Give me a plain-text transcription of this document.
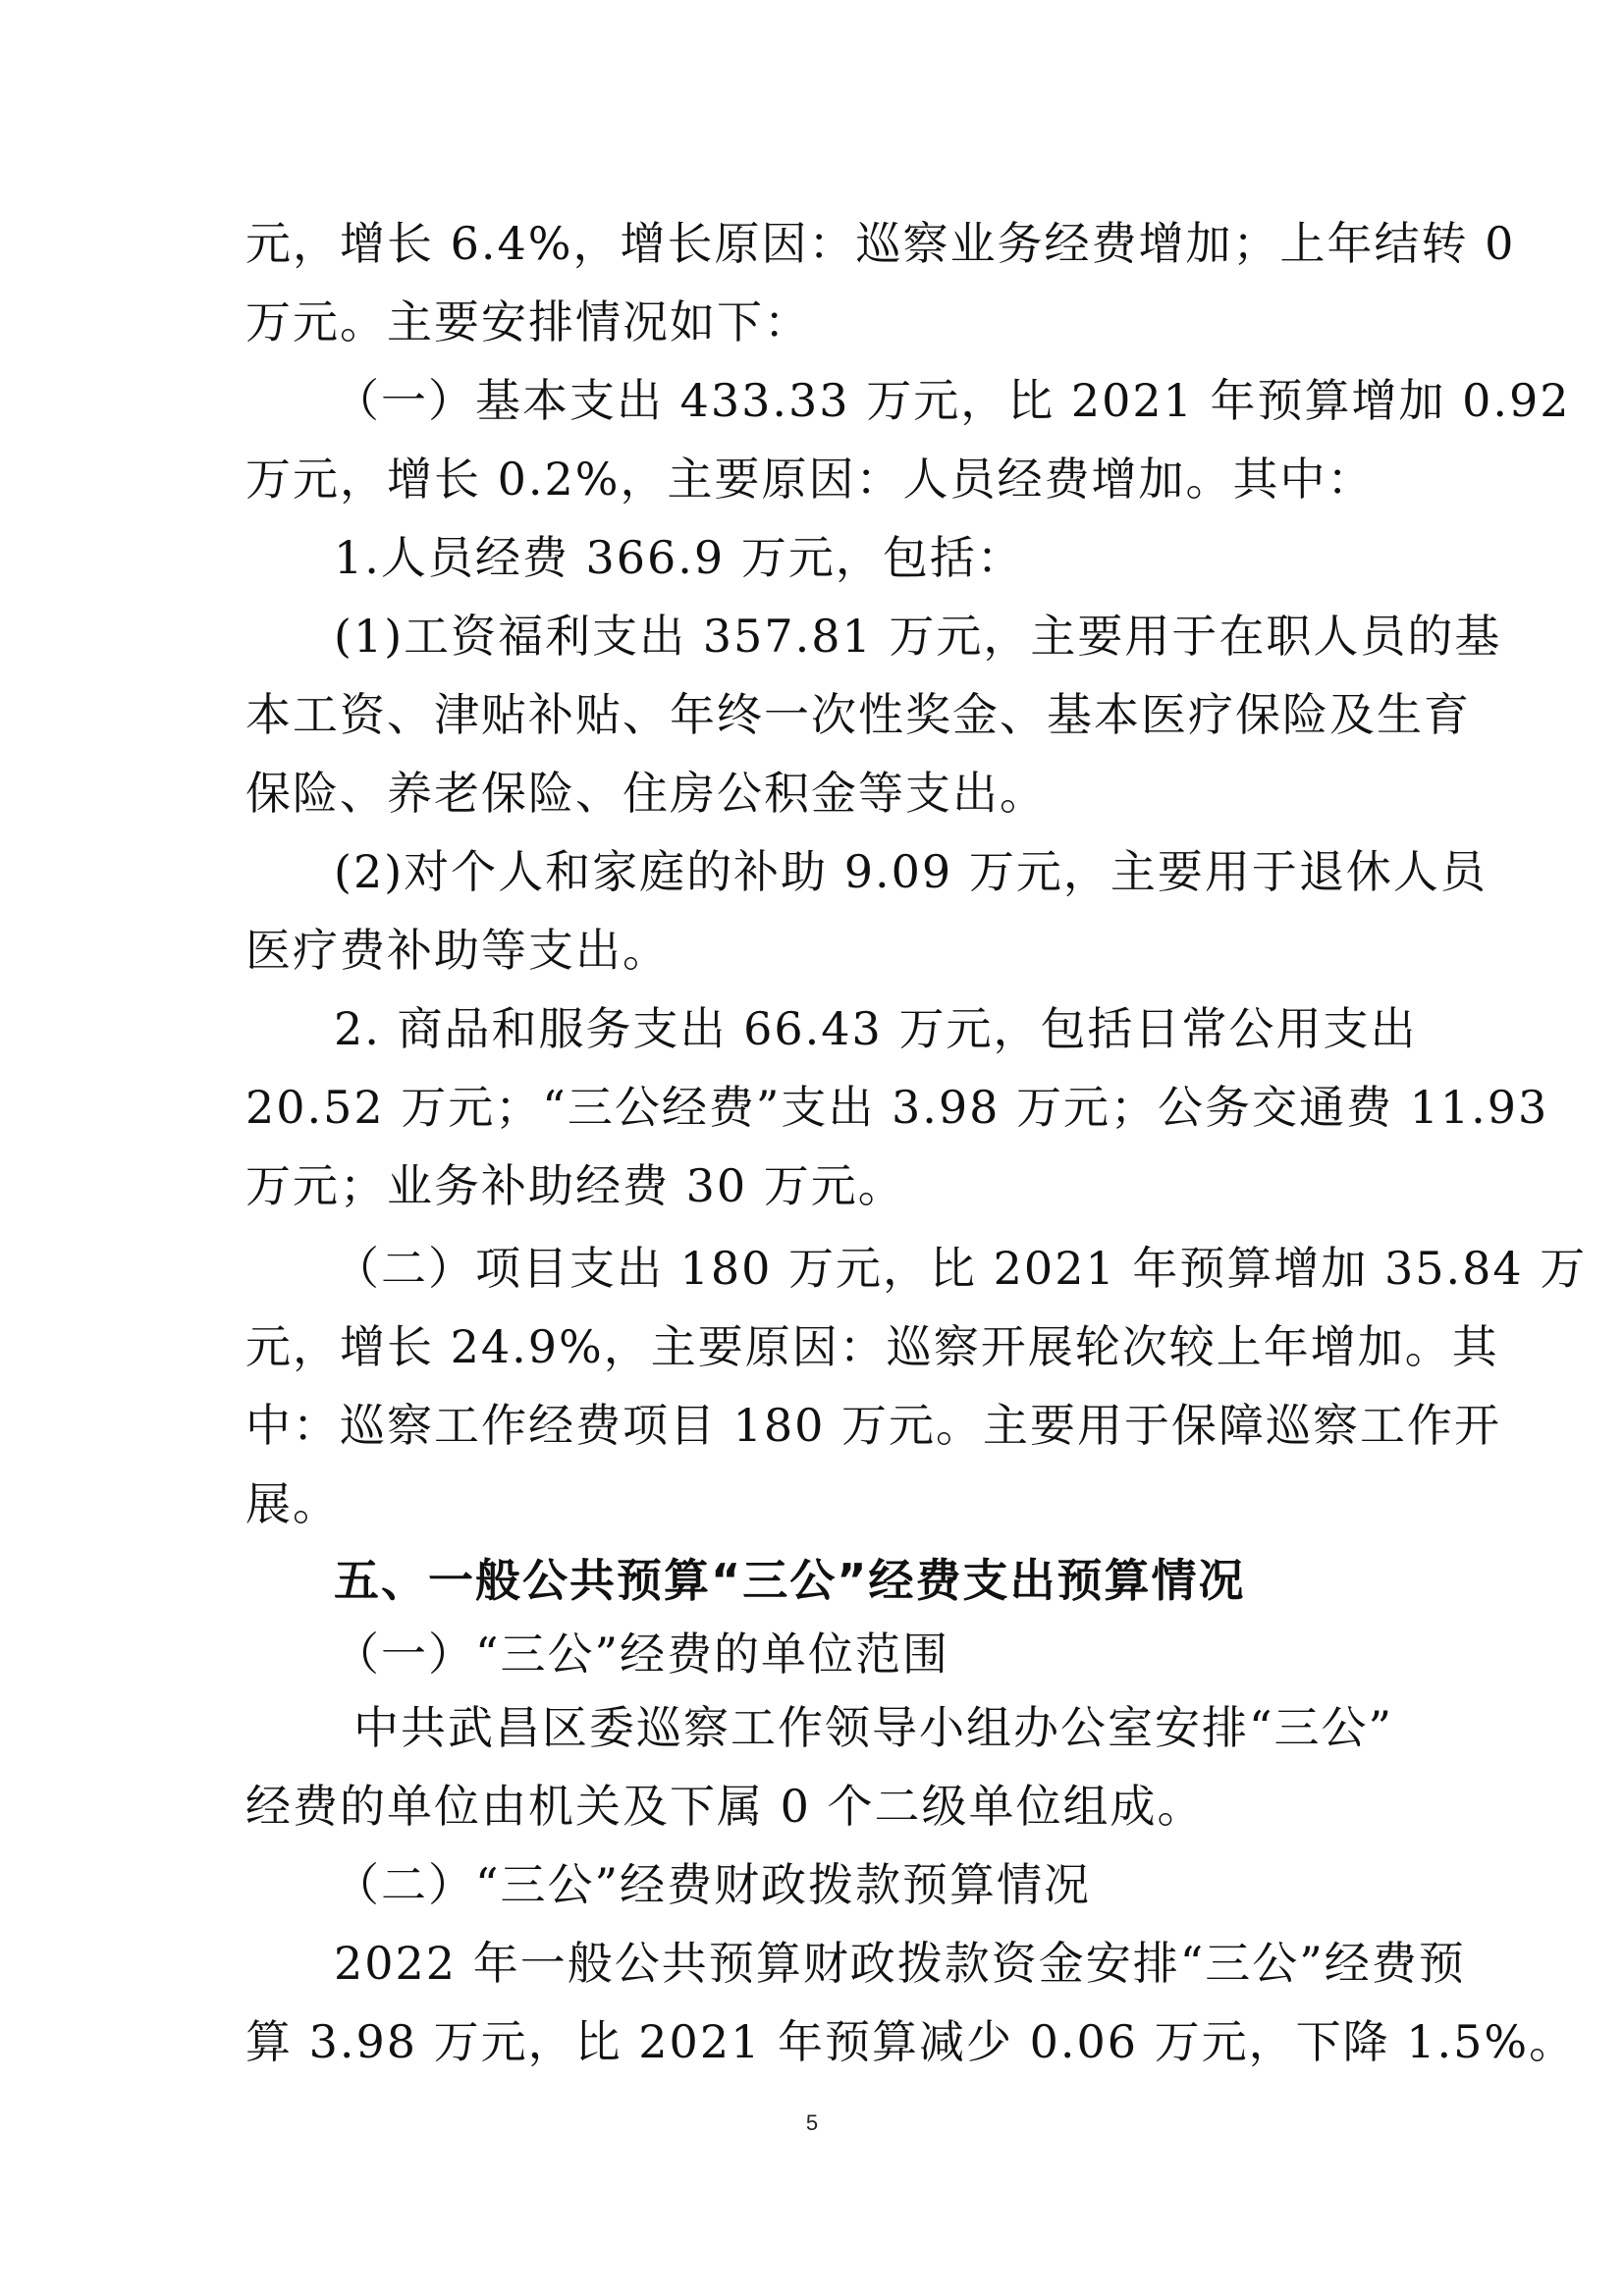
元，增长 6.4%，增长原因：巡察业务经费增加；上年结转 0
万元。主要安排情况如下：
（一）基本支出 433.33 万元，比 2021 年预算增加 0.92
万元，增长 0.2%，主要原因：人员经费增加。其中：
1.人员经费 366.9 万元，包括：
(1)工资福利支出 357.81 万元，主要用于在职人员的基
本工资、津贴补贴、年终一次性奖金、基本医疗保险及生育
保险、养老保险、住房公积金等支出。
(2)对个人和家庭的补助 9.09 万元，主要用于退休人员
医疗费补助等支出。
2. 商品和服务支出 66.43 万元，包括日常公用支出
20.52 万元；“三公经费”支出 3.98 万元；公务交通费 11.93
万元；业务补助经费 30 万元。
（二）项目支出 180 万元，比 2021 年预算增加 35.84 万
元，增长 24.9%，主要原因：巡察开展轮次较上年增加。其
中：巡察工作经费项目 180 万元。主要用于保障巡察工作开
展。
五、一般公共预算“三公”经费支出预算情况
（一）“三公”经费的单位范围
中共武昌区委巡察工作领导小组办公室安排“三公”
经费的单位由机关及下属 0 个二级单位组成。
（二）“三公”经费财政拨款预算情况
2022 年一般公共预算财政拨款资金安排“三公”经费预
算 3.98 万元，比 2021 年预算减少 0.06 万元，下降 1.5%。
5
